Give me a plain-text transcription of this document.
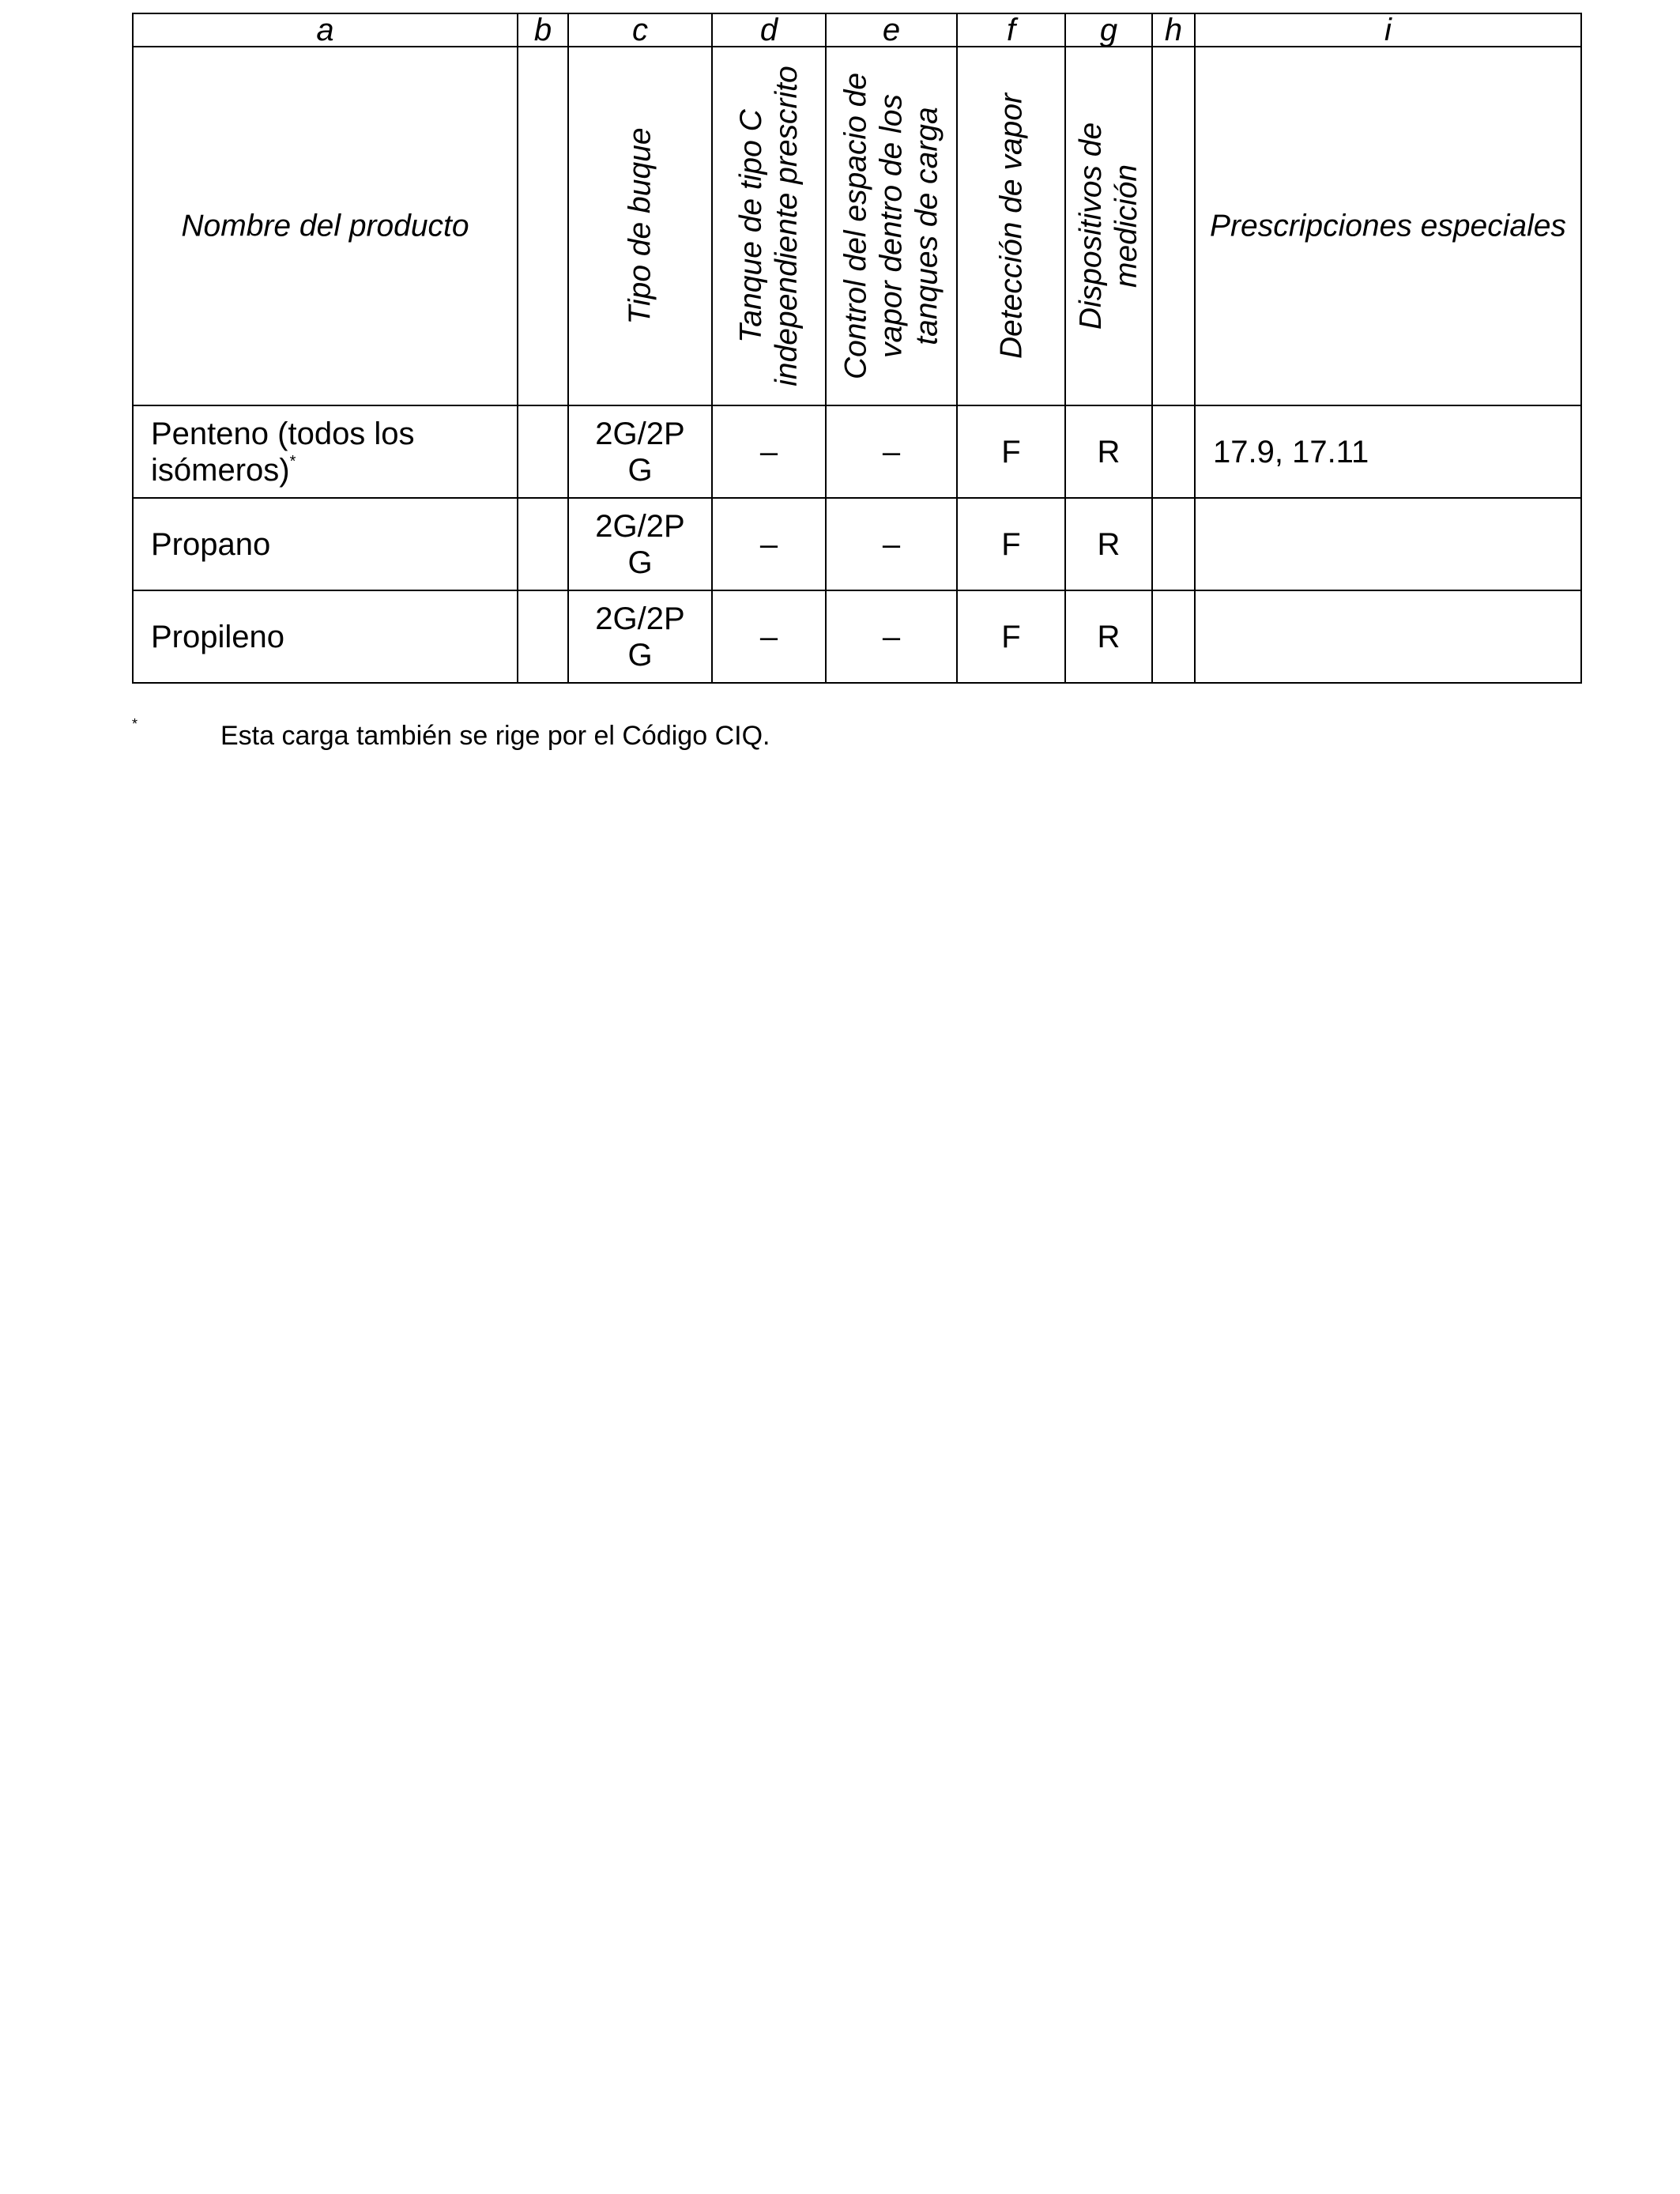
a	b	c	d	e	f	g	h	i

Nombre del producto		Tipo de buque	Tanque de tipo C independiente prescrito	Control del espacio de vapor dentro de los tanques de carga	Detección de vapor	Dispositivos de medición		Prescripciones especiales

Penteno (todos los isómeros)*		2G/2PG	–	–	F	R		17.9, 17.11
Propano		2G/2PG	–	–	F	R		
Propileno		2G/2PG	–	–	F	R		
*	Esta carga también se rige por el Código CIQ.
